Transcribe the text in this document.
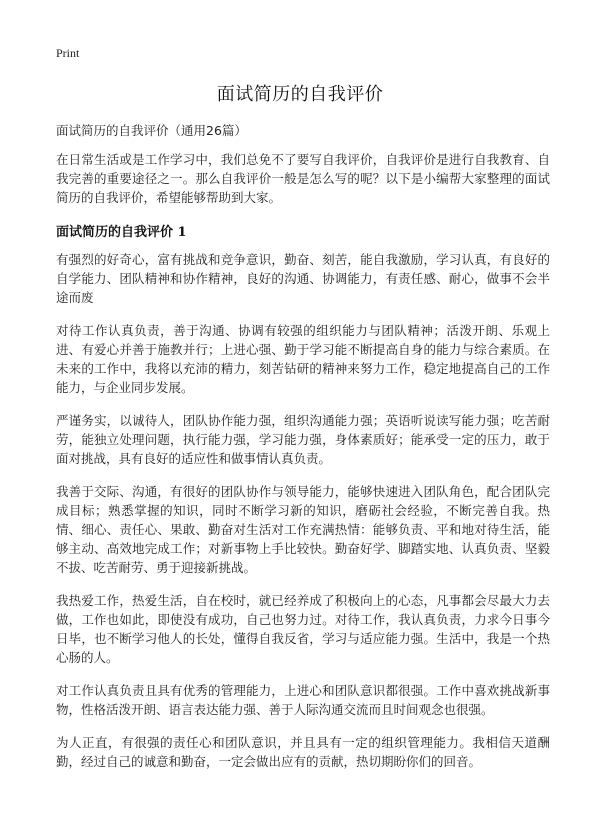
Print
面试简历的自我评价
面试简历的自我评价（通用26篇）

在日常生活或是工作学习中，我们总免不了要写自我评价，自我评价是进行自我教育、自我完善的重要途径之一。那么自我评价一般是怎么写的呢？以下是小编帮大家整理的面试简历的自我评价，希望能够帮助到大家。

面试简历的自我评价 1

有强烈的好奇心，富有挑战和竞争意识，勤奋、刻苦，能自我激励，学习认真，有良好的自学能力、团队精神和协作精神，良好的沟通、协调能力，有责任感、耐心，做事不会半途而废

对待工作认真负责，善于沟通、协调有较强的组织能力与团队精神；活泼开朗、乐观上进、有爱心并善于施教并行；上进心强、勤于学习能不断提高自身的能力与综合素质。在未来的工作中，我将以充沛的精力，刻苦钻研的精神来努力工作，稳定地提高自己的工作能力，与企业同步发展。

严谨务实，以诚待人，团队协作能力强，组织沟通能力强；英语听说读写能力强；吃苦耐劳，能独立处理问题，执行能力强，学习能力强，身体素质好；能承受一定的压力，敢于面对挑战，具有良好的适应性和做事情认真负责。

我善于交际、沟通，有很好的团队协作与领导能力，能够快速进入团队角色，配合团队完成目标；熟悉掌握的知识，同时不断学习新的知识，磨砺社会经验，不断完善自我。热情、细心、责任心、果敢、勤奋对生活对工作充满热情：能够负责、平和地对待生活，能够主动、高效地完成工作；对新事物上手比较快。勤奋好学、脚踏实地、认真负责、坚毅不拔、吃苦耐劳、勇于迎接新挑战。

我热爱工作，热爱生活，自在校时，就已经养成了积极向上的心态，凡事都会尽最大力去做，工作也如此，即使没有成功，自己也努力过。对待工作，我认真负责，力求今日事今日毕，也不断学习他人的长处，懂得自我反省，学习与适应能力强。生活中，我是一个热心肠的人。

对工作认真负责且具有优秀的管理能力，上进心和团队意识都很强。工作中喜欢挑战新事物，性格活泼开朗、语言表达能力强、善于人际沟通交流而且时间观念也很强。

为人正直，有很强的责任心和团队意识，并且具有一定的组织管理能力。我相信天道酬勤，经过自己的诚意和勤奋，一定会做出应有的贡献，热切期盼你们的回音。
